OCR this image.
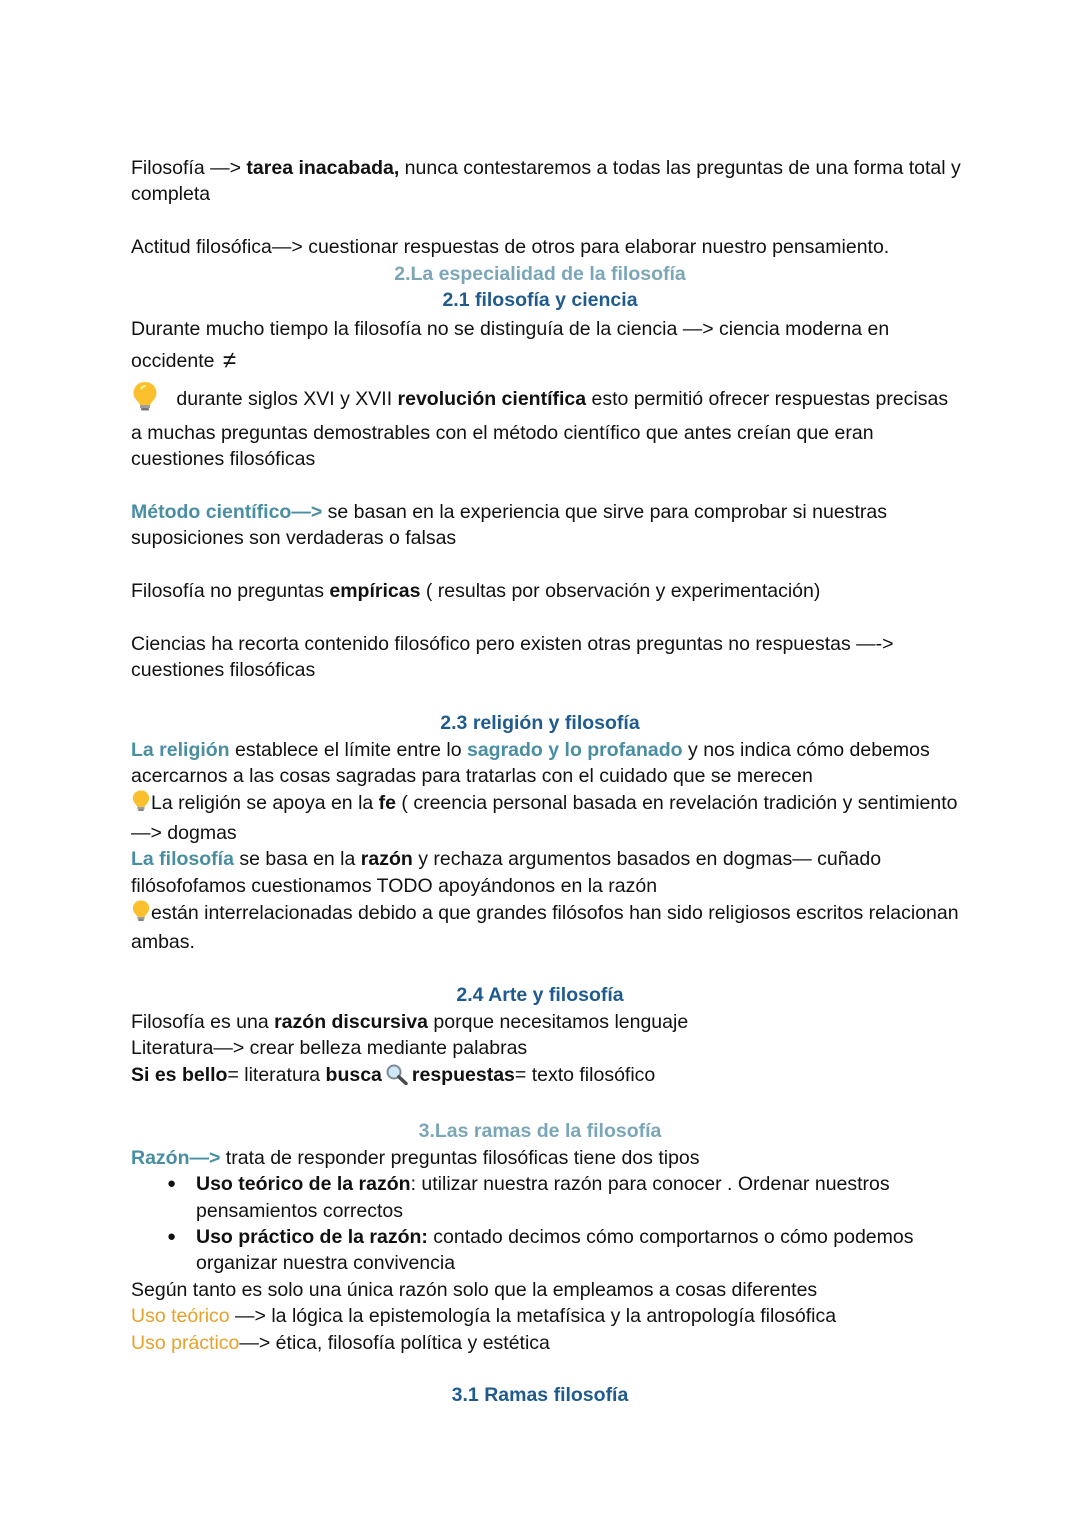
Filosofía —> tarea inacabada, nunca contestaremos a todas las preguntas de una forma total y completa

Actitud filosófica—> cuestionar respuestas de otros para elaborar nuestro pensamiento.

2.La especialidad de la filosofía

2.1 filosofía y ciencia

Durante mucho tiempo la filosofía no se distinguía de la ciencia —> ciencia moderna en occidente ≠

durante siglos XVI y XVII revolución científica esto permitió ofrecer respuestas precisas a muchas preguntas demostrables con el método científico que antes creían que eran cuestiones filosóficas

Método científico—> se basan en la experiencia que sirve para comprobar si nuestras suposiciones son verdaderas o falsas

Filosofía no preguntas empíricas ( resultas por observación y experimentación)

Ciencias ha recorta contenido filosófico pero existen otras preguntas no respuestas —-> cuestiones filosóficas

2.3 religión y filosofía

La religión establece el límite entre lo sagrado y lo profanado y nos indica cómo debemos acercarnos a las cosas sagradas para tratarlas con el cuidado que se merecen

La religión se apoya en la fe ( creencia personal basada en revelación tradición y sentimiento —> dogmas

La filosofía se basa en la razón y rechaza argumentos basados en dogmas— cuñado filósofofamos cuestionamos TODO apoyándonos en la razón

están interrelacionadas debido a que grandes filósofos han sido religiosos escritos relacionan ambas.

2.4 Arte y filosofía

Filosofía es una razón discursiva porque necesitamos lenguaje

Literatura—> crear belleza mediante palabras

Si es bello= literatura busca respuestas= texto filosófico

3.Las ramas de la filosofía

Razón—> trata de responder preguntas filosóficas tiene dos tipos

● Uso teórico de la razón: utilizar nuestra razón para conocer . Ordenar nuestros pensamientos correctos
● Uso práctico de la razón: contado decimos cómo comportarnos o cómo podemos organizar nuestra convivencia

Según tanto es solo una única razón solo que la empleamos a cosas diferentes

Uso teórico —> la lógica la epistemología la metafísica y la antropología filosófica

Uso práctico—> ética, filosofía política y estética

3.1 Ramas filosofía
